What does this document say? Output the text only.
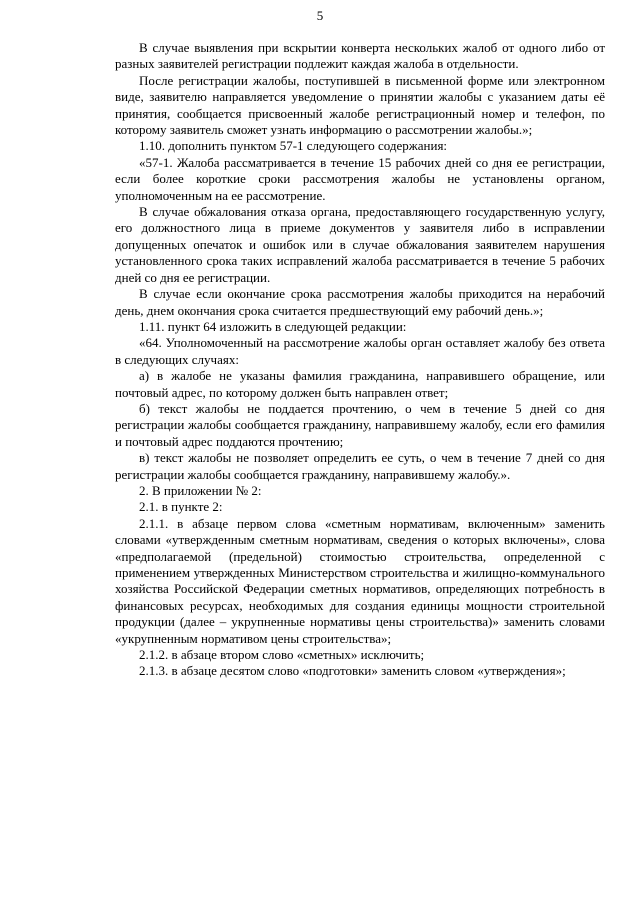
5

В случае выявления при вскрытии конверта нескольких жалоб от одного либо от разных заявителей регистрации подлежит каждая жалоба в отдельности.

После регистрации жалобы, поступившей в письменной форме или электронном виде, заявителю направляется уведомление о принятии жалобы с указанием даты её принятия, сообщается присвоенный жалобе регистрационный номер и телефон, по которому заявитель сможет узнать информацию о рассмотрении жалобы.»;

1.10. дополнить пунктом 57-1 следующего содержания:

«57-1. Жалоба рассматривается в течение 15 рабочих дней со дня ее регистрации, если более короткие сроки рассмотрения жалобы не установлены органом, уполномоченным на ее рассмотрение.

В случае обжалования отказа органа, предоставляющего государственную услугу, его должностного лица в приеме документов у заявителя либо в исправлении допущенных опечаток и ошибок или в случае обжалования заявителем нарушения установленного срока таких исправлений жалоба рассматривается в течение 5 рабочих дней со дня ее регистрации.

В случае если окончание срока рассмотрения жалобы приходится на нерабочий день, днем окончания срока считается предшествующий ему рабочий день.»;

1.11. пункт 64 изложить в следующей редакции:

«64. Уполномоченный на рассмотрение жалобы орган оставляет жалобу без ответа в следующих случаях:

а) в жалобе не указаны фамилия гражданина, направившего обращение, или почтовый адрес, по которому должен быть направлен ответ;

б) текст жалобы не поддается прочтению, о чем в течение 5 дней со дня регистрации жалобы сообщается гражданину, направившему жалобу, если его фамилия и почтовый адрес поддаются прочтению;

в) текст жалобы не позволяет определить ее суть, о чем в течение 7 дней со дня регистрации жалобы сообщается гражданину, направившему жалобу.».

2. В приложении № 2:

2.1. в пункте 2:

2.1.1. в абзаце первом слова «сметным нормативам, включенным» заменить словами «утвержденным сметным нормативам, сведения о которых включены», слова «предполагаемой (предельной) стоимостью строительства, определенной с применением утвержденных Министерством строительства и жилищно-коммунального хозяйства Российской Федерации сметных нормативов, определяющих потребность в финансовых ресурсах, необходимых для создания единицы мощности строительной продукции (далее – укрупненные нормативы цены строительства)» заменить словами «укрупненным нормативом цены строительства»;

2.1.2. в абзаце втором слово «сметных» исключить;

2.1.3. в абзаце десятом слово «подготовки» заменить словом «утверждения»;
